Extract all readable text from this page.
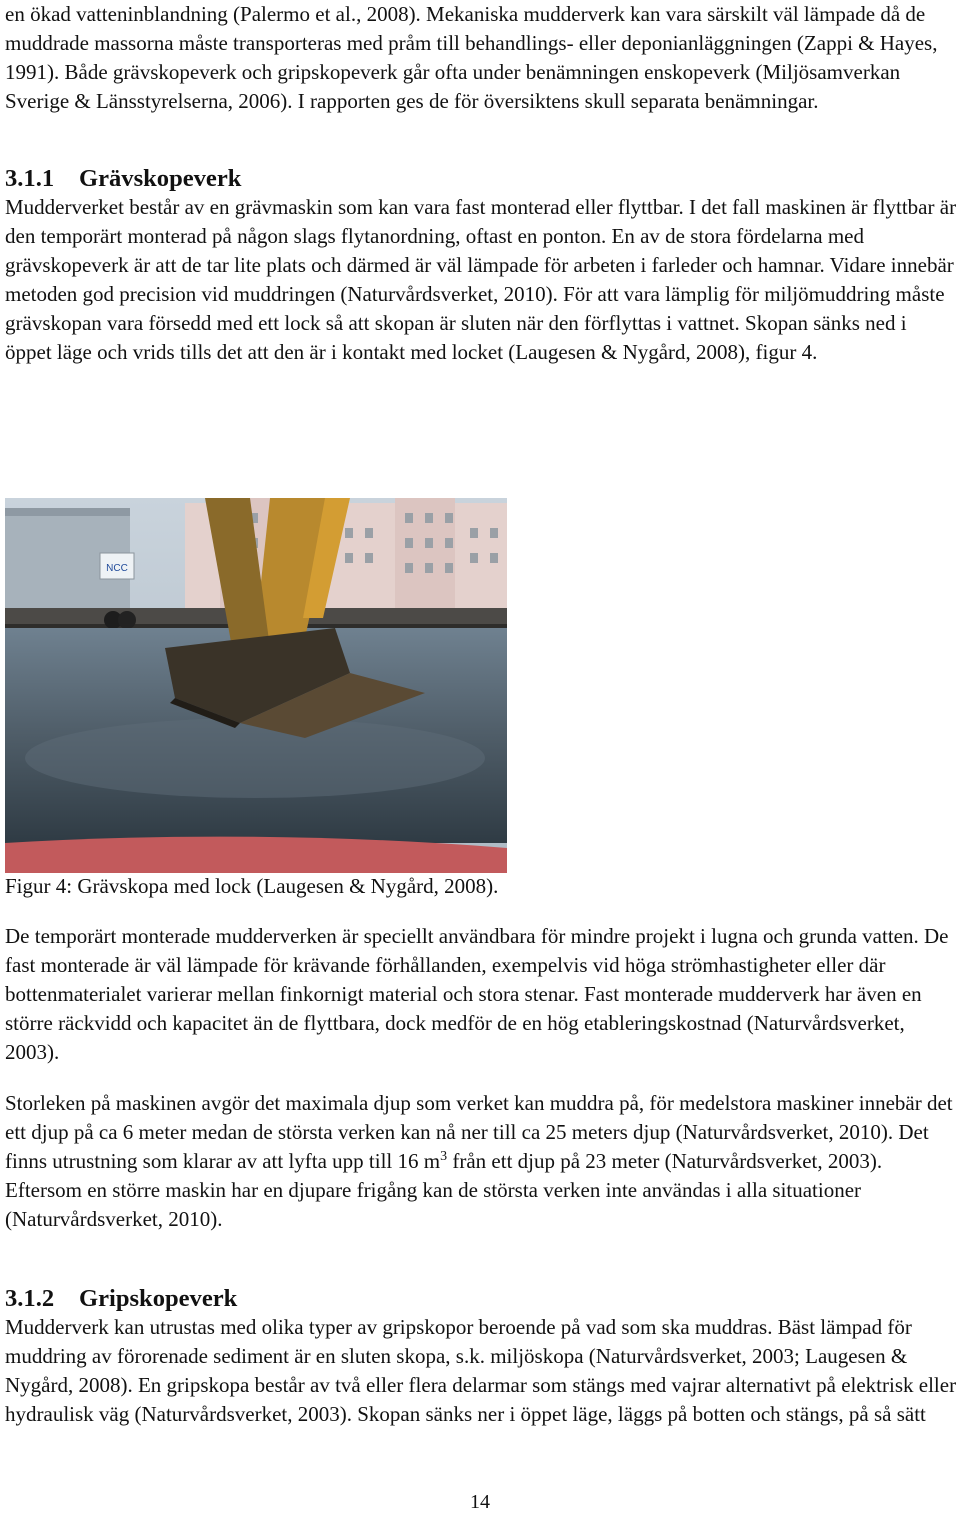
en ökad vatteninblandning (Palermo et al., 2008). Mekaniska mudderverk kan vara särskilt väl lämpade då de muddrade massorna måste transporteras med pråm till behandlings- eller deponianläggningen (Zappi & Hayes, 1991). Både grävskopeverk och gripskopeverk går ofta under benämningen enskopeverk (Miljösamverkan Sverige & Länsstyrelserna, 2006). I rapporten ges de för översiktens skull separata benämningar.

3.1.1 Grävskopeverk

Mudderverket består av en grävmaskin som kan vara fast monterad eller flyttbar. I det fall maskinen är flyttbar är den temporärt monterad på någon slags flytanordning, oftast en ponton. En av de stora fördelarna med grävskopeverk är att de tar lite plats och därmed är väl lämpade för arbeten i farleder och hamnar. Vidare innebär metoden god precision vid muddringen (Naturvårdsverket, 2010). För att vara lämplig för miljömuddring måste grävskopan vara försedd med ett lock så att skopan är sluten när den förflyttas i vattnet. Skopan sänks ned i öppet läge och vrids tills det att den är i kontakt med locket (Laugesen & Nygård, 2008), figur 4.

NCC

Figur 4: Grävskopa med lock (Laugesen & Nygård, 2008).

De temporärt monterade mudderverken är speciellt användbara för mindre projekt i lugna och grunda vatten. De fast monterade är väl lämpade för krävande förhållanden, exempelvis vid höga strömhastigheter eller där bottenmaterialet varierar mellan finkornigt material och stora stenar. Fast monterade mudderverk har även en större räckvidd och kapacitet än de flyttbara, dock medför de en hög etableringskostnad (Naturvårdsverket, 2003).

Storleken på maskinen avgör det maximala djup som verket kan muddra på, för medelstora maskiner innebär det ett djup på ca 6 meter medan de största verken kan nå ner till ca 25 meters djup (Naturvårdsverket, 2010). Det finns utrustning som klarar av att lyfta upp till 16 $m^3$ från ett djup på 23 meter (Naturvårdsverket, 2003). Eftersom en större maskin har en djupare frigång kan de största verken inte användas i alla situationer (Naturvårdsverket, 2010).

3.1.2 Gripskopeverk

Mudderverk kan utrustas med olika typer av gripskopor beroende på vad som ska muddras. Bäst lämpad för muddring av förorenade sediment är en sluten skopa, s.k. miljöskopa (Naturvårdsverket, 2003; Laugesen & Nygård, 2008). En gripskopa består av två eller flera delarmar som stängs med vajrar alternativt på elektrisk eller hydraulisk väg (Naturvårdsverket, 2003). Skopan sänks ner i öppet läge, läggs på botten och stängs, på så sätt

14
